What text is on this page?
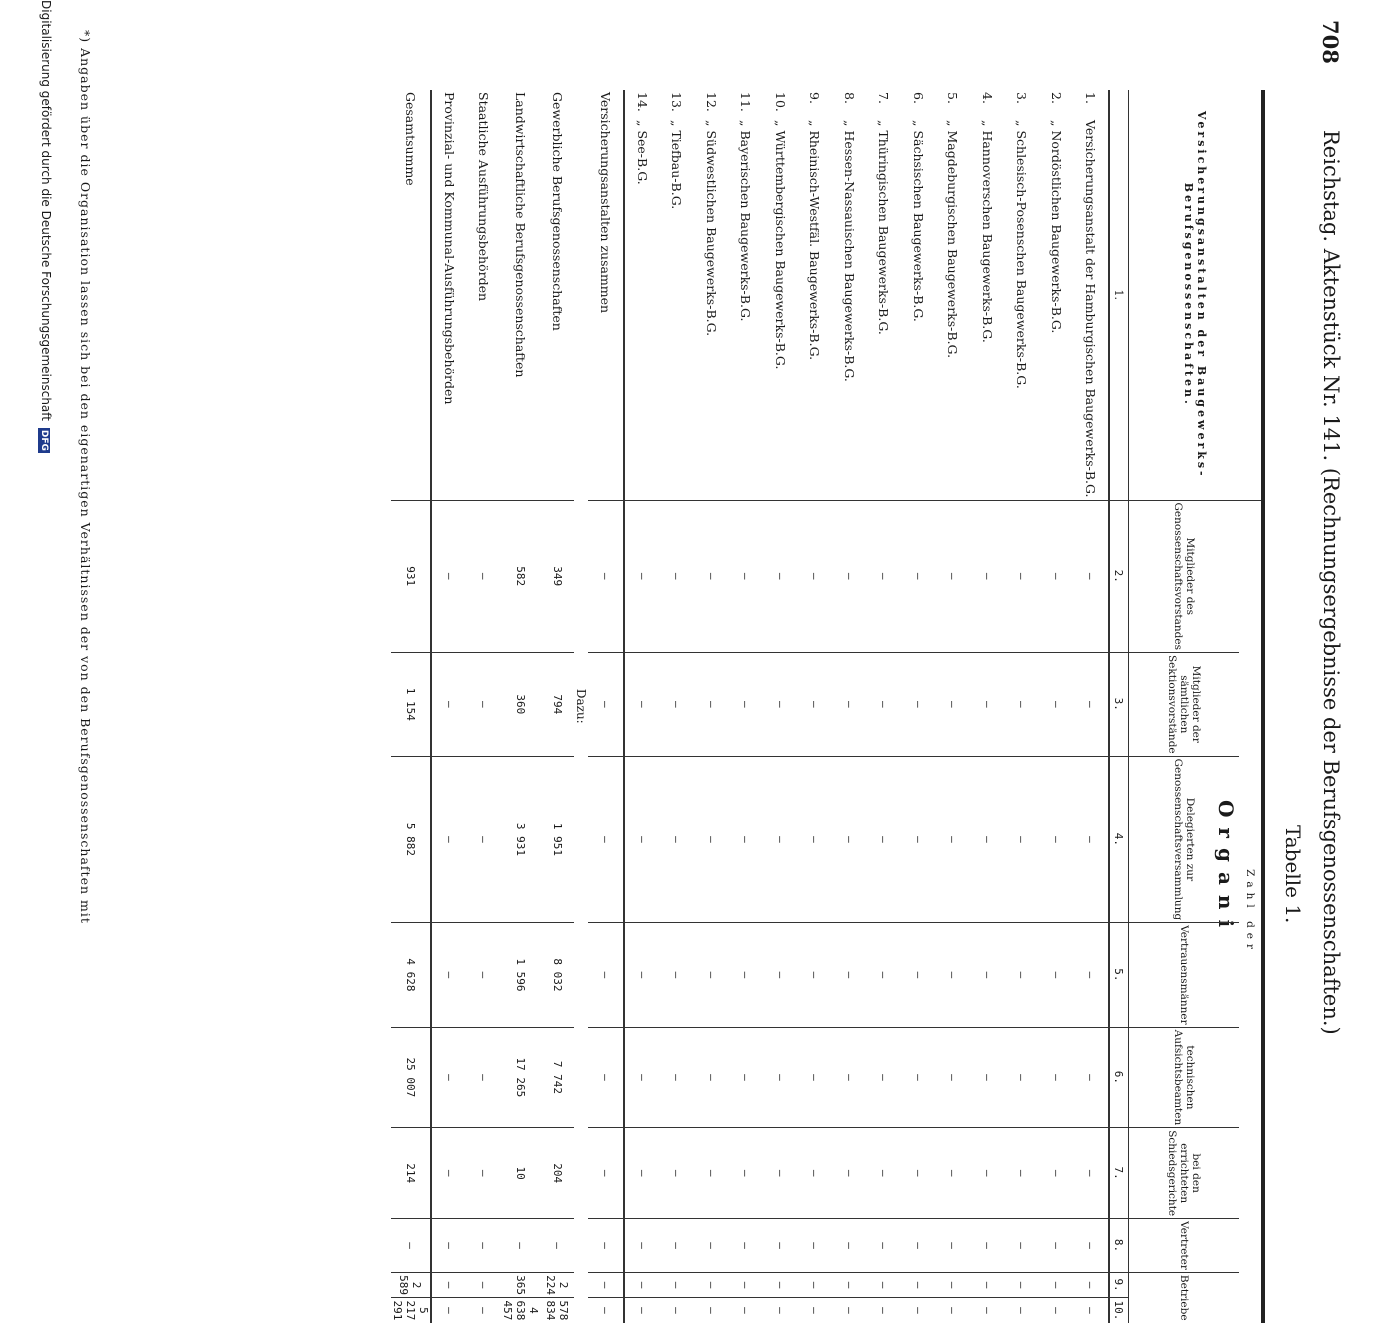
708
Reichstag. Aktenstück Nr. 141. (Rechnungsergebnisse der Berufsgenossenschaften.)
Tabelle 1.
Organi
Versicherungsanstalten der Baugewerks-Berufsgenossenschaften.	Zahl der								
	Mitglieder des Genossenschaftsvorstandes	Mitglieder der sämtlichen Sektionsvorstände	Delegierten zur Genossenschaftsversammlung	Vertrauensmänner	technischen Aufsichtsbeamten	bei den errichteten Schiedsgerichte	Vertreter	Betriebe	
1.	2.	3.	4.	5.	6.	7.	8.	9.	10.
1.Versicherungsanstalt der Hamburgischen Baugewerks-B.G.	—	—	—	—	—	—	—	—	—
2.„ Nordöstlichen Baugewerks-B.G.	—	—	—	—	—	—	—	—	—
3.„ Schlesisch-Posenschen Baugewerks-B.G.	—	—	—	—	—	—	—	—	—
4.„ Hannoverschen Baugewerks-B.G.	—	—	—	—	—	—	—	—	—
5.„ Magdeburgischen Baugewerks-B.G.	—	—	—	—	—	—	—	—	—
6.„ Sächsischen Baugewerks-B.G.	—	—	—	—	—	—	—	—	—
7.„ Thüringischen Baugewerks-B.G.	—	—	—	—	—	—	—	—	—
8.„ Hessen-Nassauischen Baugewerks-B.G.	—	—	—	—	—	—	—	—	—
9.„ Rheinisch-Westfäl. Baugewerks-B.G.	—	—	—	—	—	—	—	—	—
10.„ Württembergischen Baugewerks-B.G.	—	—	—	—	—	—	—	—	—
11.„ Bayerischen Baugewerks-B.G.	—	—	—	—	—	—	—	—	—
12.„ Südwestlichen Baugewerks-B.G.	—	—	—	—	—	—	—	—	—
13.„ Tiefbau-B.G.	—	—	—	—	—	—	—	—	—
14.„ See-B.G.	—	—	—	—	—	—	—	—	—
Versicherungsanstalten zusammen	—	—	—	—	—	—	—	—	—
Dazu:									
Gewerbliche Berufsgenossenschaften	349	794	1 951	8 032	7 742	204	—	2 224	578 834
Landwirtschaftliche Berufsgenossenschaften	582	360	3 931	1 596	17 265	10	—	365	4 638 457
Staatliche Ausführungsbehörden	—	—	—	—	—	—	—	—	—
Provinzial- und Kommunal-Ausführungsbehörden	—	—	—	—	—	—	—	—	—
Gesamtsumme	931	1 154	5 882	4 628	25 007	214	—	2 589	5 217 291
*) Angaben über die Organisation lassen sich bei den eigenartigen Verhältnissen der von den Berufsgenossenschaften mit
Digitalisierung gefördert durch die Deutsche Forschungsgemeinschaft DFG
